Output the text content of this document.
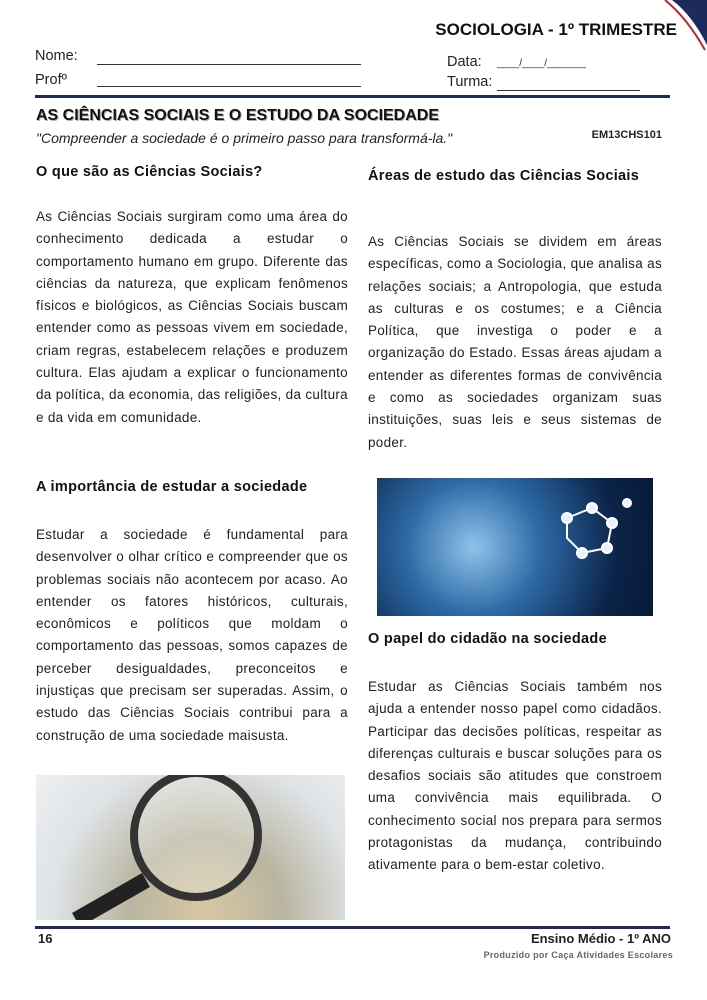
SOCIOLOGIA - 1º TRIMESTRE
Nome:
Profº
Data: ____/____/_______
Turma:
AS CIÊNCIAS SOCIAIS E O ESTUDO DA SOCIEDADE
"Compreender a sociedade é o primeiro passo para transformá-la."	EM13CHS101
O que são as Ciências Sociais?
As Ciências Sociais surgiram como uma área do conhecimento dedicada a estudar o comportamento humano em grupo. Diferente das ciências da natureza, que explicam fenômenos físicos e biológicos, as Ciências Sociais buscam entender como as pessoas vivem em sociedade, criam regras, estabelecem relações e produzem cultura. Elas ajudam a explicar o funcionamento da política, da economia, das religiões, da cultura e da vida em comunidade.
A importância de estudar a sociedade
Estudar a sociedade é fundamental para desenvolver o olhar crítico e compreender que os problemas sociais não acontecem por acaso. Ao entender os fatores históricos, culturais, econômicos e políticos que moldam o comportamento das pessoas, somos capazes de perceber desigualdades, preconceitos e injustiças que precisam ser superadas. Assim, o estudo das Ciências Sociais contribui para a construção de uma sociedade maisusta.
Áreas de estudo das Ciências Sociais
As Ciências Sociais se dividem em áreas específicas, como a Sociologia, que analisa as relações sociais; a Antropologia, que estuda as culturas e os costumes; e a Ciência Política, que investiga o poder e a organização do Estado. Essas áreas ajudam a entender as diferentes formas de convivência e como as sociedades organizam suas instituições, suas leis e seus sistemas de poder.
O papel do cidadão na sociedade
Estudar as Ciências Sociais também nos ajuda a entender nosso papel como cidadãos. Participar das decisões políticas, respeitar as diferenças culturais e buscar soluções para os desafios sociais são atitudes que constroem uma convivência mais equilibrada. O conhecimento social nos prepara para sermos protagonistas da mudança, contribuindo ativamente para o bem-estar coletivo.
16	Ensino Médio - 1º ANO
Produzido por Caça Atividades Escolares
